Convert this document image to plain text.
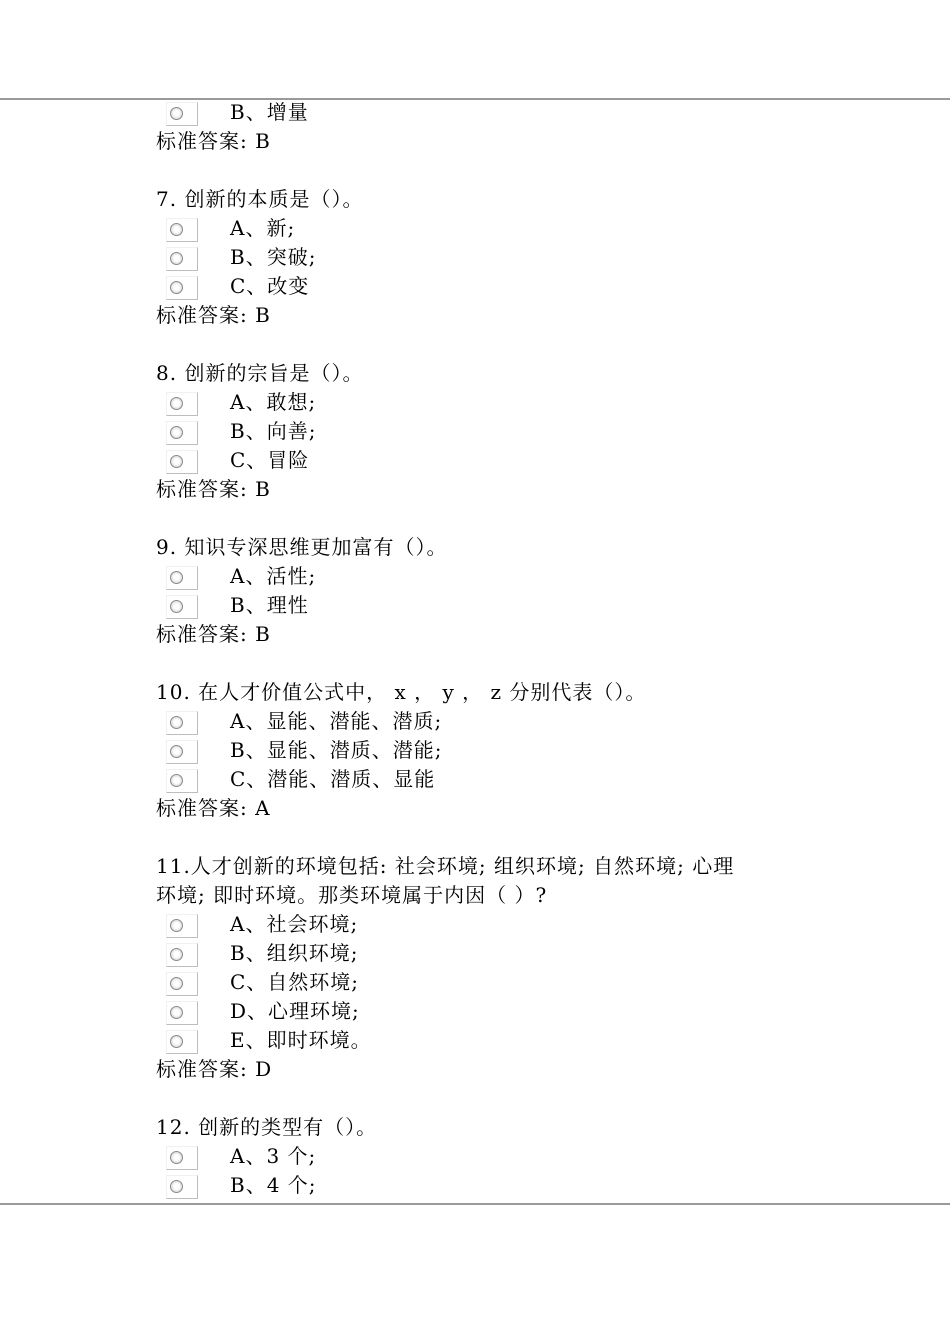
B、增量
标准答案: B
7. 创新的本质是（）。
A、新;
B、突破;
C、改变
标准答案: B
8. 创新的宗旨是（）。
A、敢想;
B、向善;
C、冒险
标准答案: B
9. 知识专深思维更加富有（）。
A、活性;
B、理性
标准答案: B
10. 在人才价值公式中， x ， y ， z 分别代表（）。
A、显能、潜能、潜质;
B、显能、潜质、潜能;
C、潜能、潜质、显能
标准答案: A
11.人才创新的环境包括: 社会环境; 组织环境; 自然环境; 心理
环境; 即时环境。那类环境属于内因（ ）?
A、社会环境;
B、组织环境;
C、自然环境;
D、心理环境;
E、即时环境。
标准答案: D
12. 创新的类型有（）。
A、3 个;
B、4 个;
